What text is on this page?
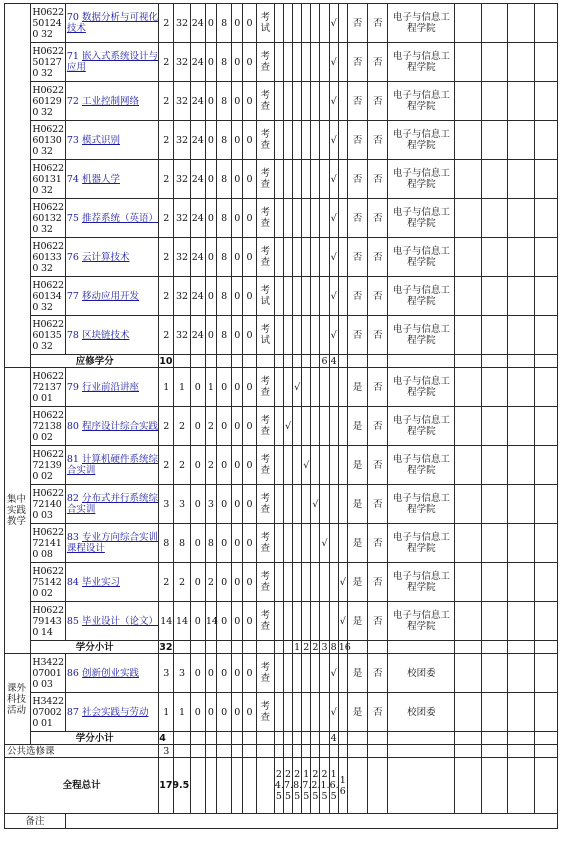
	H0622501240 32	70 数据分析与可视化技术	2	32	24	0	8	0	0	考试							√		否	否	电子与信息工程学院				
	H0622501270 32	71 嵌入式系统设计与应用	2	32	24	0	8	0	0	考查							√		否	否	电子与信息工程学院				
	H0622601290 32	72 工业控制网络	2	32	24	0	8	0	0	考查							√		否	否	电子与信息工程学院				
	H0622601300 32	73 模式识别	2	32	24	0	8	0	0	考查							√		否	否	电子与信息工程学院				
	H0622601310 32	74 机器人学	2	32	24	0	8	0	0	考查							√		否	否	电子与信息工程学院				
	H0622601320 32	75 推荐系统（英语）	2	32	24	0	8	0	0	考查							√		否	否	电子与信息工程学院				
	H0622601330 32	76 云计算技术	2	32	24	0	8	0	0	考查							√		否	否	电子与信息工程学院				
	H0622601340 32	77 移动应用开发	2	32	24	0	8	0	0	考试							√		否	否	电子与信息工程学院				
	H0622601350 32	78 区块链技术	2	32	24	0	8	0	0	考试							√		否	否	电子与信息工程学院				
	应修学分		10													6	4								
集中实践教学	H0622721370 01	79 行业前沿讲座	1	1	0	1	0	0	0	考查			√						是	否	电子与信息工程学院				
	H0622721380 02	80 程序设计综合实践	2	2	0	2	0	0	0	考查		√							是	否	电子与信息工程学院				
	H0622721390 02	81 计算机硬件系统综合实训	2	2	0	2	0	0	0	考查				√					是	否	电子与信息工程学院				
	H0622721400 03	82 分布式并行系统综合实训	3	3	0	3	0	0	0	考查					√				是	否	电子与信息工程学院				
	H0622721410 08	83 专业方向综合实训课程设计	8	8	0	8	0	0	0	考查						√			是	否	电子与信息工程学院				
	H0622751420 02	84 毕业实习	2	2	0	2	0	0	0	考查								√	是	否	电子与信息工程学院				
	H0622791430 14	85 毕业设计（论文）	14	14	0	14	0	0	0	考查								√	是	否	电子与信息工程学院				
	学分小计		32										1	2	2	3	8	16							
课外科技活动	H3422070010 03	86 创新创业实践	3	3	0	0	0	0	0	考查							√		是	否	校团委				
	H3422070020 01	87 社会实践与劳动	1	1	0	0	0	0	0	考查							√		是	否	校团委				
	学分小计		4														4								
公共选修课			3																						
全程总计			179.5								24.5	27.5	28.5	17.5	22.5	21.5	16.5	16							
备注																									
